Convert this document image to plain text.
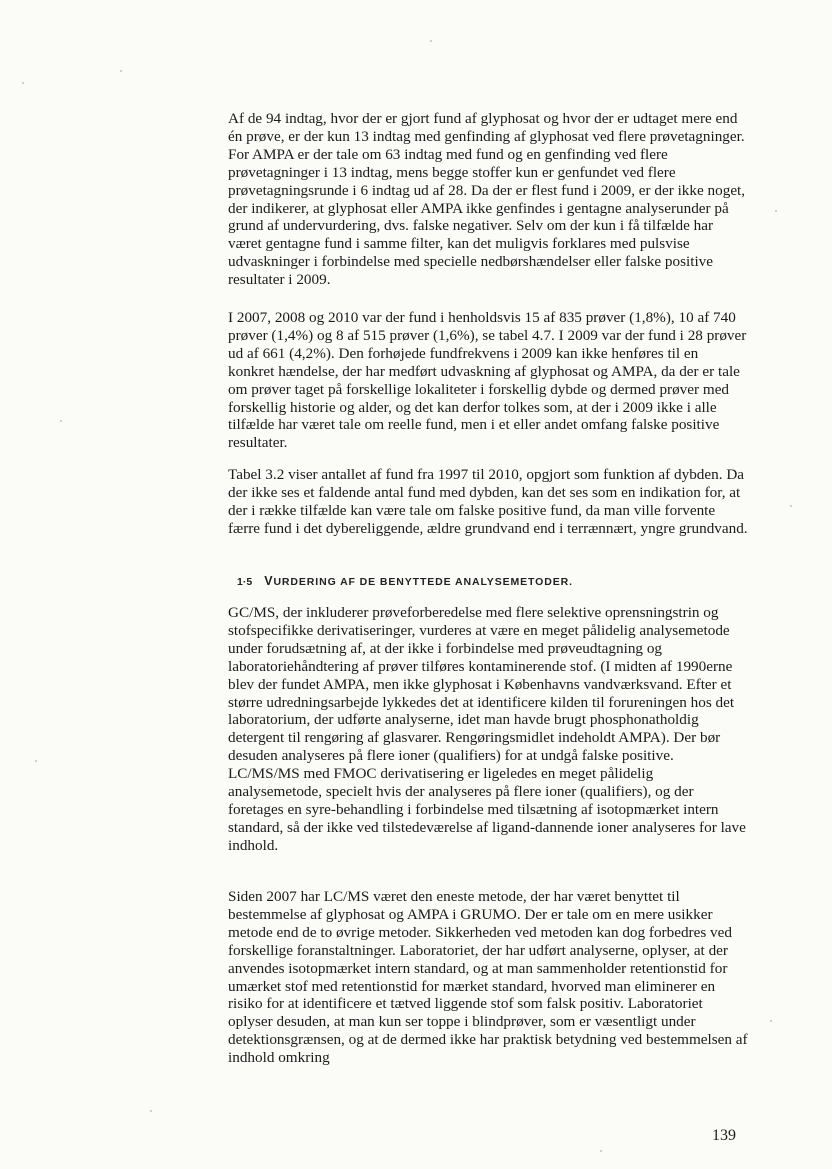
Af de 94 indtag, hvor der er gjort fund af glyphosat og hvor der er udtaget mere end én prøve, er der kun 13 indtag med genfinding af glyphosat ved flere prøvetagninger. For AMPA er der tale om 63 indtag med fund og en genfinding ved flere prøvetagninger i 13 indtag, mens begge stoffer kun er genfundet ved flere prøvetagningsrunde i 6 indtag ud af 28. Da der er flest fund i 2009, er der ikke noget, der indikerer, at glyphosat eller AMPA ikke genfindes i gentagne analyserunder på grund af undervurdering, dvs. falske negativer. Selv om der kun i få tilfælde har været gentagne fund i samme filter, kan det muligvis forklares med pulsvise udvaskninger i forbindelse med specielle nedbørshændelser eller falske positive resultater i 2009.

I 2007, 2008 og 2010 var der fund i henholdsvis 15 af 835 prøver (1,8%), 10 af 740 prøver (1,4%) og 8 af 515 prøver (1,6%), se tabel 4.7. I 2009 var der fund i 28 prøver ud af 661 (4,2%). Den forhøjede fundfrekvens i 2009 kan ikke henføres til en konkret hændelse, der har medført udvaskning af glyphosat og AMPA, da der er tale om prøver taget på forskellige lokaliteter i forskellig dybde og dermed prøver med forskellig historie og alder, og det kan derfor tolkes som, at der i 2009 ikke i alle tilfælde har været tale om reelle fund, men i et eller andet omfang falske positive resultater.

Tabel 3.2 viser antallet af fund fra 1997 til 2010, opgjort som funktion af dybden. Da der ikke ses et faldende antal fund med dybden, kan det ses som en indikation for, at der i række tilfælde kan være tale om falske positive fund, da man ville forvente færre fund i det dybereliggende, ældre grundvand end i terrænnært, yngre grundvand.

1·5 VURDERING AF DE BENYTTEDE ANALYSEMETODER.

GC/MS, der inkluderer prøveforberedelse med flere selektive oprensningstrin og stofspecifikke derivatiseringer, vurderes at være en meget pålidelig analysemetode under forudsætning af, at der ikke i forbindelse med prøveudtagning og laboratoriehåndtering af prøver tilføres kontaminerende stof. (I midten af 1990erne blev der fundet AMPA, men ikke glyphosat i Københavns vandværksvand. Efter et større udredningsarbejde lykkedes det at identificere kilden til forureningen hos det laboratorium, der udførte analyserne, idet man havde brugt phosphonatholdig detergent til rengøring af glasvarer. Rengøringsmidlet indeholdt AMPA). Der bør desuden analyseres på flere ioner (qualifiers) for at undgå falske positive. LC/MS/MS med FMOC derivatisering er ligeledes en meget pålidelig analysemetode, specielt hvis der analyseres på flere ioner (qualifiers), og der foretages en syre-behandling i forbindelse med tilsætning af isotopmærket intern standard, så der ikke ved tilstedeværelse af ligand-dannende ioner analyseres for lave indhold.

Siden 2007 har LC/MS været den eneste metode, der har været benyttet til bestemmelse af glyphosat og AMPA i GRUMO. Der er tale om en mere usikker metode end de to øvrige metoder. Sikkerheden ved metoden kan dog forbedres ved forskellige foranstaltninger. Laboratoriet, der har udført analyserne, oplyser, at der anvendes isotopmærket intern standard, og at man sammenholder retentionstid for umærket stof med retentionstid for mærket standard, hvorved man eliminerer en risiko for at identificere et tætved liggende stof som falsk positiv. Laboratoriet oplyser desuden, at man kun ser toppe i blindprøver, som er væsentligt under detektionsgrænsen, og at de dermed ikke har praktisk betydning ved bestemmelsen af indhold omkring

139
